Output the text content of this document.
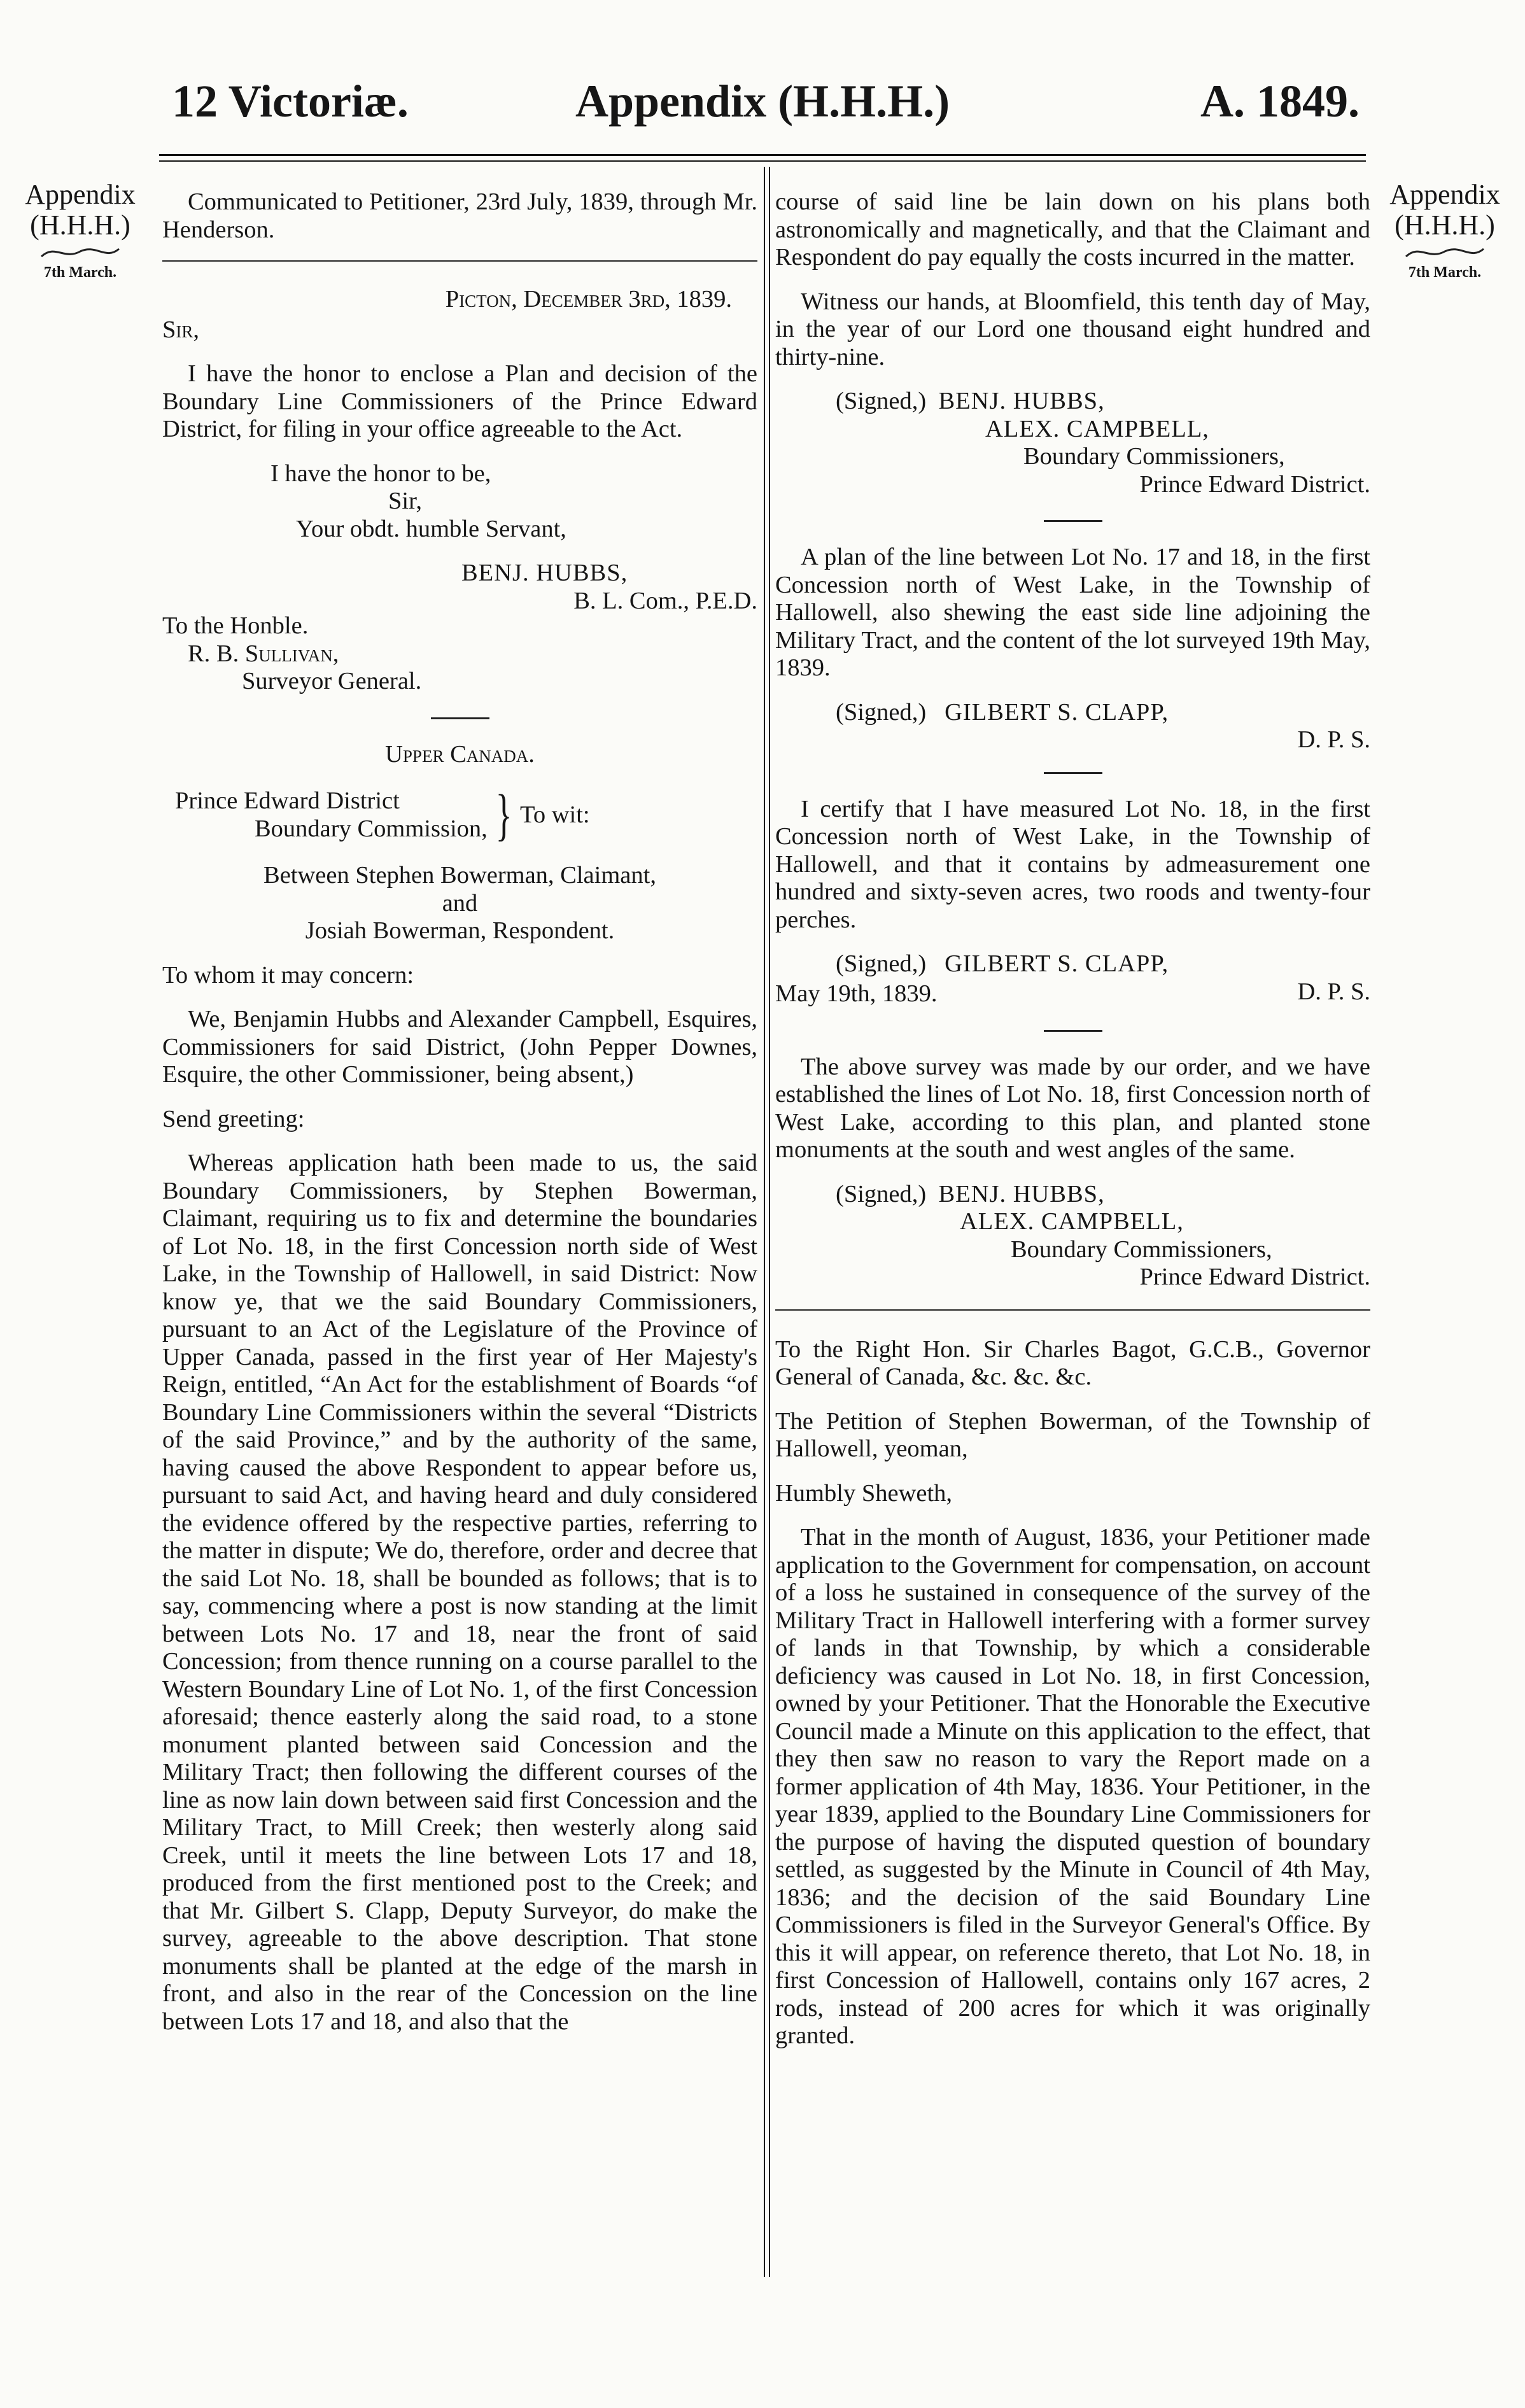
12 Victoriæ.	Appendix (H.H.H.)	A. 1849.
Appendix
(H.H.H.)
7th March.
Appendix
(H.H.H.)
7th March.

Communicated to Petitioner, 23rd July, 1839, through Mr. Henderson.

Picton, December 3rd, 1839.

Sir,

I have the honor to enclose a Plan and decision of the Boundary Line Commissioners of the Prince Edward District, for filing in your office agreeable to the Act.

I have the honor to be,
Sir,
Your obdt. humble Servant,
BENJ. HUBBS,
B. L. Com., P.E.D.
To the Honble.
R. B. Sullivan,
Surveyor General.

Upper Canada.

Prince Edward District
Boundary Commission, } To wit:
Between Stephen Bowerman, Claimant,
and
Josiah Bowerman, Respondent.

To whom it may concern:

We, Benjamin Hubbs and Alexander Campbell, Esquires, Commissioners for said District, (John Pepper Downes, Esquire, the other Commissioner, being absent,)

Send greeting:

Whereas application hath been made to us, the said Boundary Commissioners, by Stephen Bowerman, Claimant, requiring us to fix and determine the boundaries of Lot No. 18, in the first Concession north side of West Lake, in the Township of Hallowell, in said District: Now know ye, that we the said Boundary Commissioners, pursuant to an Act of the Legislature of the Province of Upper Canada, passed in the first year of Her Majesty's Reign, entitled, “An Act for the establishment of Boards “of Boundary Line Commissioners within the several “Districts of the said Province,” and by the authority of the same, having caused the above Respondent to appear before us, pursuant to said Act, and having heard and duly considered the evidence offered by the respective parties, referring to the matter in dispute; We do, therefore, order and decree that the said Lot No. 18, shall be bounded as follows; that is to say, commencing where a post is now standing at the limit between Lots No. 17 and 18, near the front of said Concession; from thence running on a course parallel to the Western Boundary Line of Lot No. 1, of the first Concession aforesaid; thence easterly along the said road, to a stone monument planted between said Concession and the Military Tract; then following the different courses of the line as now lain down between said first Concession and the Military Tract, to Mill Creek; then westerly along said Creek, until it meets the line between Lots 17 and 18, produced from the first mentioned post to the Creek; and that Mr. Gilbert S. Clapp, Deputy Surveyor, do make the survey, agreeable to the above description. That stone monuments shall be planted at the edge of the marsh in front, and also in the rear of the Concession on the line between Lots 17 and 18, and also that the

course of said line be lain down on his plans both astronomically and magnetically, and that the Claimant and Respondent do pay equally the costs incurred in the matter.

Witness our hands, at Bloomfield, this tenth day of May, in the year of our Lord one thousand eight hundred and thirty-nine.

(Signed,) BENJ. HUBBS,
ALEX. CAMPBELL,
Boundary Commissioners,
Prince Edward District.

A plan of the line between Lot No. 17 and 18, in the first Concession north of West Lake, in the Township of Hallowell, also shewing the east side line adjoining the Military Tract, and the content of the lot surveyed 19th May, 1839.

(Signed,) GILBERT S. CLAPP,
D. P. S.

I certify that I have measured Lot No. 18, in the first Concession north of West Lake, in the Township of Hallowell, and that it contains by admeasurement one hundred and sixty-seven acres, two roods and twenty-four perches.

(Signed,) GILBERT S. CLAPP,
D. P. S.
May 19th, 1839.

The above survey was made by our order, and we have established the lines of Lot No. 18, first Concession north of West Lake, according to this plan, and planted stone monuments at the south and west angles of the same.

(Signed,) BENJ. HUBBS,
ALEX. CAMPBELL,
Boundary Commissioners,
Prince Edward District.

To the Right Hon. Sir Charles Bagot, G.C.B., Governor General of Canada, &c. &c. &c.

The Petition of Stephen Bowerman, of the Township of Hallowell, yeoman,

Humbly Sheweth,

That in the month of August, 1836, your Petitioner made application to the Government for compensation, on account of a loss he sustained in consequence of the survey of the Military Tract in Hallowell interfering with a former survey of lands in that Township, by which a considerable deficiency was caused in Lot No. 18, in first Concession, owned by your Petitioner. That the Honorable the Executive Council made a Minute on this application to the effect, that they then saw no reason to vary the Report made on a former application of 4th May, 1836. Your Petitioner, in the year 1839, applied to the Boundary Line Commissioners for the purpose of having the disputed question of boundary settled, as suggested by the Minute in Council of 4th May, 1836; and the decision of the said Boundary Line Commissioners is filed in the Surveyor General's Office. By this it will appear, on reference thereto, that Lot No. 18, in first Concession of Hallowell, contains only 167 acres, 2 rods, instead of 200 acres for which it was originally granted.
